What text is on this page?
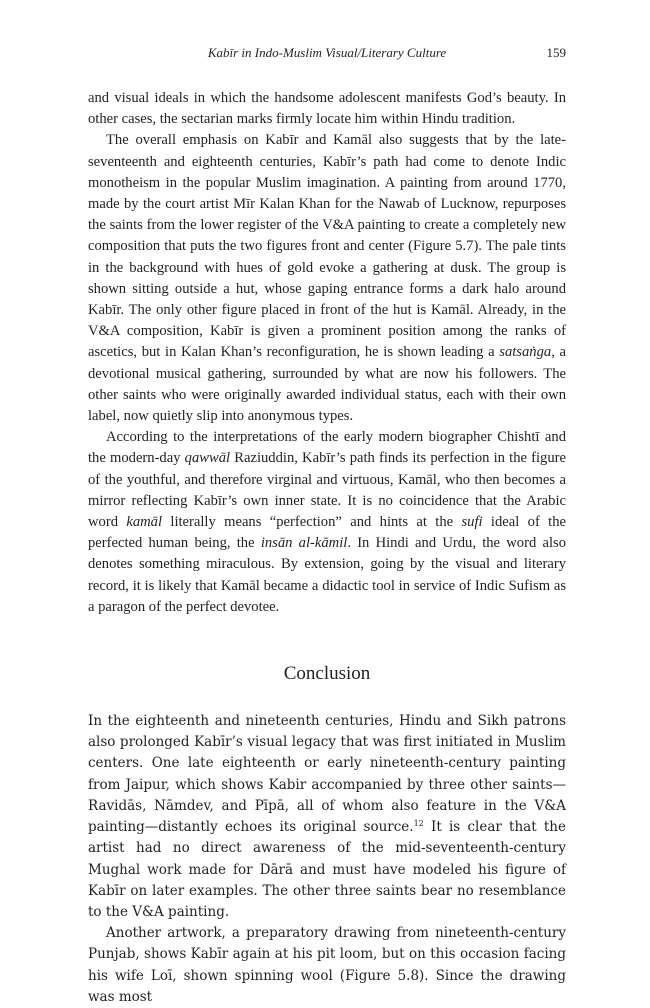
Kabīr in Indo-Muslim Visual/Literary Culture	159

and visual ideals in which the handsome adolescent manifests God’s beauty. In other cases, the sectarian marks firmly locate him within Hindu tradition.

The overall emphasis on Kabīr and Kamāl also suggests that by the late-seventeenth and eighteenth centuries, Kabīr’s path had come to denote Indic monotheism in the popular Muslim imagination. A painting from around 1770, made by the court artist Mīr Kalan Khan for the Nawab of Lucknow, repurposes the saints from the lower register of the V&A painting to create a completely new composition that puts the two figures front and center (Figure 5.7). The pale tints in the background with hues of gold evoke a gathering at dusk. The group is shown sitting outside a hut, whose gaping entrance forms a dark halo around Kabīr. The only other figure placed in front of the hut is Kamāl. Already, in the V&A composition, Kabīr is given a prominent position among the ranks of ascetics, but in Kalan Khan’s reconfiguration, he is shown leading a satsaṅga, a devotional musical gathering, surrounded by what are now his followers. The other saints who were originally awarded individual status, each with their own label, now quietly slip into anonymous types.

According to the interpretations of the early modern biographer Chishtī and the modern-day qawwāl Raziuddin, Kabīr’s path finds its perfection in the figure of the youthful, and therefore virginal and virtuous, Kamāl, who then becomes a mirror reflecting Kabīr’s own inner state. It is no coincidence that the Arabic word kamāl literally means “perfection” and hints at the sufi ideal of the perfected human being, the insān al-kāmil. In Hindi and Urdu, the word also denotes something miraculous. By extension, going by the visual and literary record, it is likely that Kamāl became a didactic tool in service of Indic Sufism as a paragon of the perfect devotee.

Conclusion

In the eighteenth and nineteenth centuries, Hindu and Sikh patrons also prolonged Kabīr’s visual legacy that was first initiated in Muslim centers. One late eighteenth or early nineteenth-century painting from Jaipur, which shows Kabir accompanied by three other saints—Ravidās, Nāmdev, and Pīpā, all of whom also feature in the V&A painting—distantly echoes its original source.$^{12}$ It is clear that the artist had no direct awareness of the mid-seventeenth-century Mughal work made for Dārā and must have modeled his figure of Kabīr on later examples. The other three saints bear no resemblance to the V&A painting.

Another artwork, a preparatory drawing from nineteenth-century Punjab, shows Kabīr again at his pit loom, but on this occasion facing his wife Loī, shown spinning wool (Figure 5.8). Since the drawing was most
